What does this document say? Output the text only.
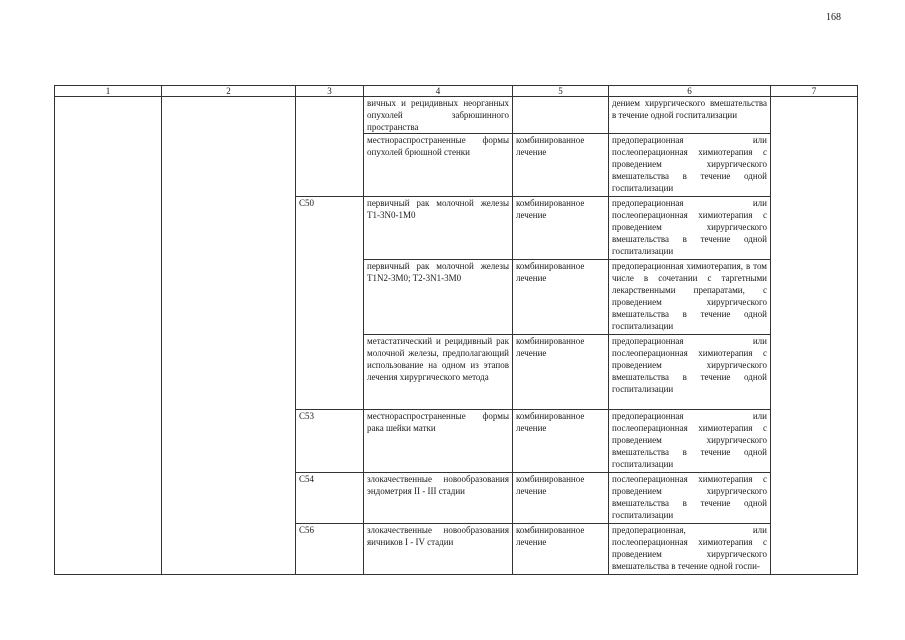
168
1	2	3	4	5	6	7
			вичных и рецидивных неорганных опухолей забрюшинного пространства		дением хирургического вмешательства в течение одной госпитализации	
			местнораспространенные формы опухолей брюшной стенки	комбинированное лечение	предоперационная или послеоперационная химиотерапия с проведением хирургического вмешательства в течение одной госпитализации	
		C50	первичный рак молочной железы T1-3N0-1M0	комбинированное лечение	предоперационная или послеоперационная химиотерапия с проведением хирургического вмешательства в течение одной госпитализации	
			первичный рак молочной железы T1N2-3M0; T2-3N1-3M0	комбинированное лечение	предоперационная химиотерапия, в том числе в сочетании с таргетными лекарственными препаратами, с проведением хирургического вмешательства в течение одной госпитализации	
			метастатический и рецидивный рак молочной железы, предполагающий использование на одном из этапов лечения хирургического метода	комбинированное лечение	предоперационная или послеоперационная химиотерапия с проведением хирургического вмешательства в течение одной госпитализации	
		C53	местнораспространенные формы рака шейки матки	комбинированное лечение	предоперационная или послеоперационная химиотерапия с проведением хирургического вмешательства в течение одной госпитализации	
		C54	злокачественные новообразования эндометрия II - III стадии	комбинированное лечение	послеоперационная химиотерапия с проведением хирургического вмешательства в течение одной госпитализации	
		C56	злокачественные новообразования яичников I - IV стадии	комбинированное лечение	предоперационная, или послеоперационная химиотерапия с проведением хирургического вмешательства в течение одной госпи-	
